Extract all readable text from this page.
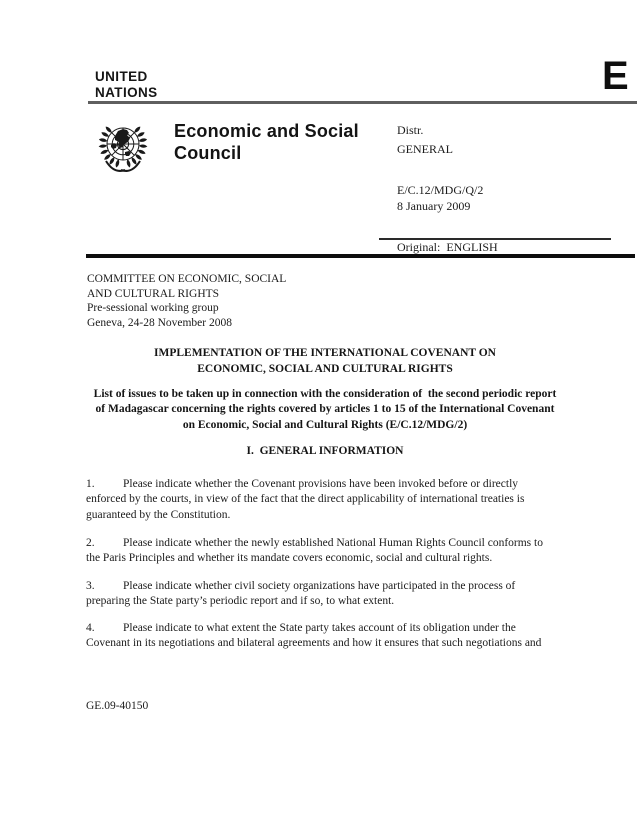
UNITED
NATIONS	E
Economic and Social
Council
Distr.
GENERAL
E/C.12/MDG/Q/2
8 January 2009
Original:  ENGLISH
COMMITTEE ON ECONOMIC, SOCIAL
AND CULTURAL RIGHTS
Pre-sessional working group
Geneva, 24-28 November 2008
IMPLEMENTATION OF THE INTERNATIONAL COVENANT ON
ECONOMIC, SOCIAL AND CULTURAL RIGHTS
List of issues to be taken up in connection with the consideration of  the second periodic report
of Madagascar concerning the rights covered by articles 1 to 15 of the International Covenant
on Economic, Social and Cultural Rights (E/C.12/MDG/2)
I.  GENERAL INFORMATION
1. Please indicate whether the Covenant provisions have been invoked before or directly
enforced by the courts, in view of the fact that the direct applicability of international treaties is
guaranteed by the Constitution.
2. Please indicate whether the newly established National Human Rights Council conforms to
the Paris Principles and whether its mandate covers economic, social and cultural rights.
3. Please indicate whether civil society organizations have participated in the process of
preparing the State party’s periodic report and if so, to what extent.
4. Please indicate to what extent the State party takes account of its obligation under the
Covenant in its negotiations and bilateral agreements and how it ensures that such negotiations and
GE.09-40150
